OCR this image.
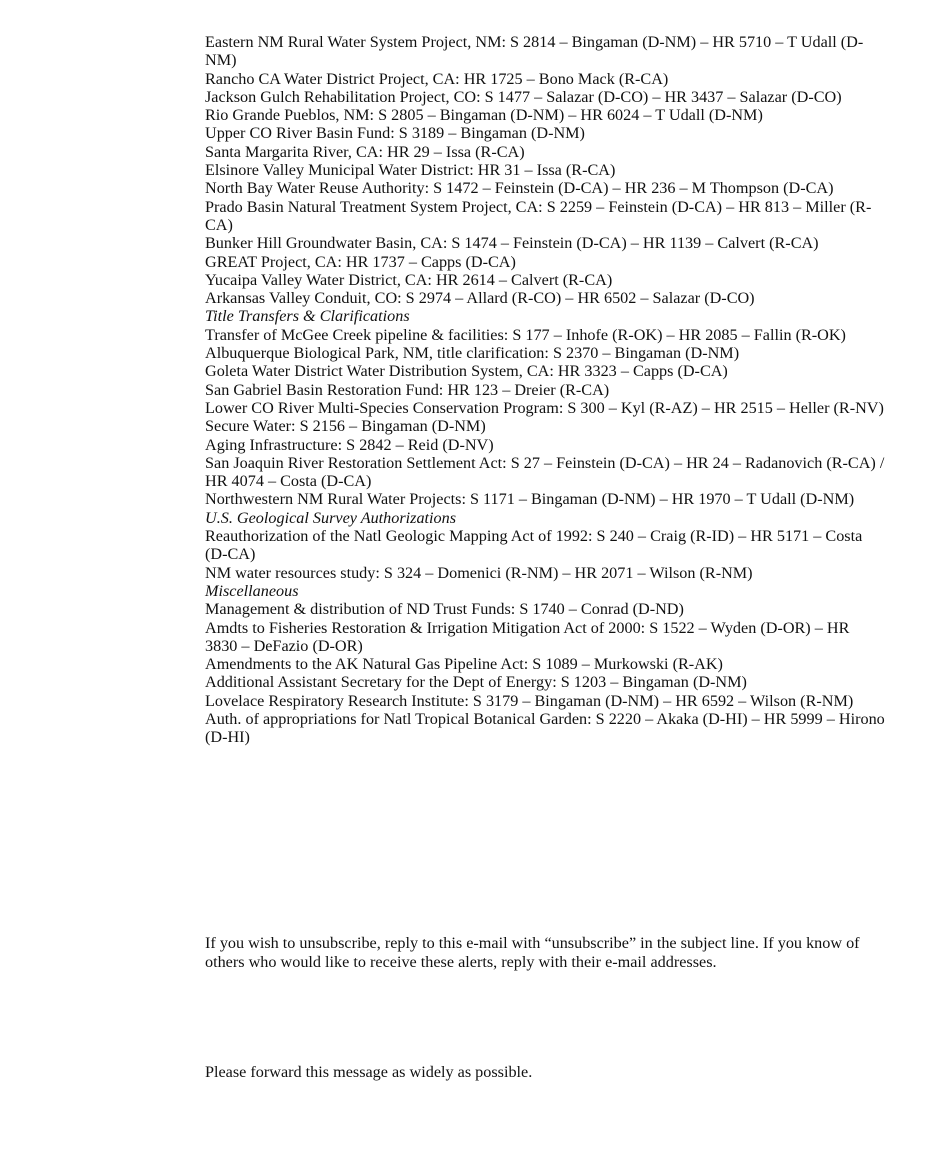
Eastern NM Rural Water System Project, NM: S 2814 – Bingaman (D-NM) – HR 5710 – T Udall (D-NM)

Rancho CA Water District Project, CA: HR 1725 – Bono Mack (R-CA)

Jackson Gulch Rehabilitation Project, CO: S 1477 – Salazar (D-CO) – HR 3437 – Salazar (D-CO)

Rio Grande Pueblos, NM: S 2805 – Bingaman (D-NM) – HR 6024 – T Udall (D-NM)

Upper CO River Basin Fund: S 3189 – Bingaman (D-NM)

Santa Margarita River, CA: HR 29 – Issa (R-CA)

Elsinore Valley Municipal Water District: HR 31 – Issa (R-CA)

North Bay Water Reuse Authority: S 1472 – Feinstein (D-CA) – HR 236 – M Thompson (D-CA)

Prado Basin Natural Treatment System Project, CA: S 2259 – Feinstein (D-CA) – HR 813 – Miller (R-CA)

Bunker Hill Groundwater Basin, CA: S 1474 – Feinstein (D-CA) – HR 1139 – Calvert (R-CA)

GREAT Project, CA: HR 1737 – Capps (D-CA)

Yucaipa Valley Water District, CA: HR 2614 – Calvert (R-CA)

Arkansas Valley Conduit, CO: S 2974 – Allard (R-CO) – HR 6502 – Salazar (D-CO)

Title Transfers & Clarifications

Transfer of McGee Creek pipeline & facilities: S 177 – Inhofe (R-OK) – HR 2085 – Fallin (R-OK)

Albuquerque Biological Park, NM, title clarification: S 2370 – Bingaman (D-NM)

Goleta Water District Water Distribution System, CA: HR 3323 – Capps (D-CA)

San Gabriel Basin Restoration Fund: HR 123 – Dreier (R-CA)

Lower CO River Multi-Species Conservation Program: S 300 – Kyl (R-AZ) – HR 2515 – Heller (R-NV)

Secure Water: S 2156 – Bingaman (D-NM)

Aging Infrastructure: S 2842 – Reid (D-NV)

San Joaquin River Restoration Settlement Act: S 27 – Feinstein (D-CA) – HR 24 – Radanovich (R-CA) / HR 4074 – Costa (D-CA)

Northwestern NM Rural Water Projects: S 1171 – Bingaman (D-NM) – HR 1970 – T Udall (D-NM)

U.S. Geological Survey Authorizations

Reauthorization of the Natl Geologic Mapping Act of 1992: S 240 – Craig (R-ID) – HR 5171 – Costa (D-CA)

NM water resources study: S 324 – Domenici (R-NM) – HR 2071 – Wilson (R-NM)

Miscellaneous

Management & distribution of ND Trust Funds: S 1740 – Conrad (D-ND)

Amdts to Fisheries Restoration & Irrigation Mitigation Act of 2000: S 1522 – Wyden (D-OR) – HR 3830 – DeFazio (D-OR)

Amendments to the AK Natural Gas Pipeline Act: S 1089 – Murkowski (R-AK)

Additional Assistant Secretary for the Dept of Energy: S 1203 – Bingaman (D-NM)

Lovelace Respiratory Research Institute: S 3179 – Bingaman (D-NM) – HR 6592 – Wilson (R-NM)

Auth. of appropriations for Natl Tropical Botanical Garden: S 2220 – Akaka (D-HI) – HR 5999 – Hirono (D-HI)

If you wish to unsubscribe, reply to this e-mail with “unsubscribe” in the subject line. If you know of others who would like to receive these alerts, reply with their e-mail addresses.

Please forward this message as widely as possible.
